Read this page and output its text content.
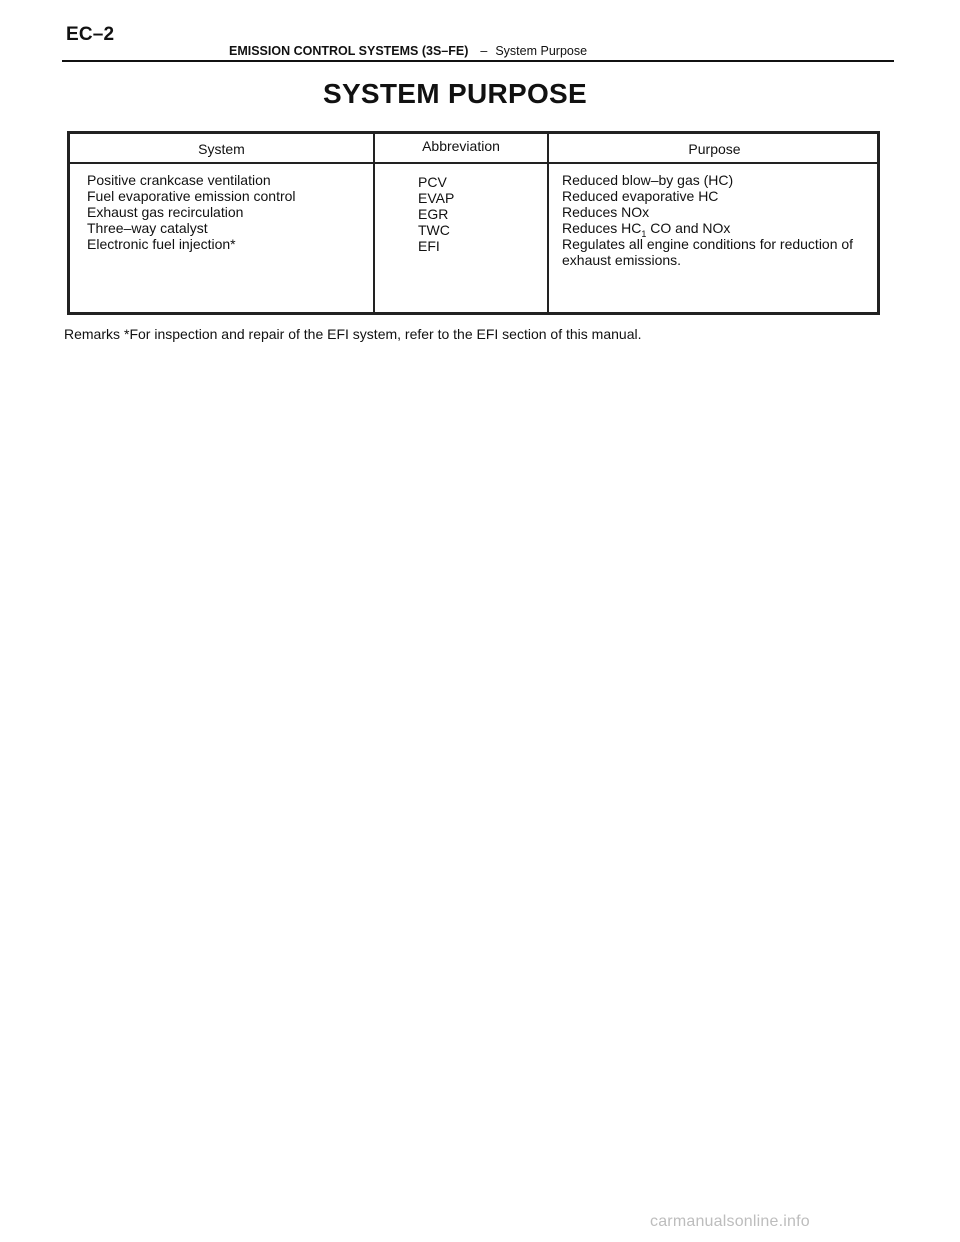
EC–2
EMISSION CONTROL SYSTEMS (3S–FE) – System Purpose
SYSTEM PURPOSE
System	Abbreviation	Purpose
Positive crankcase ventilation
Fuel evaporative emission control
Exhaust gas recirculation
Three–way catalyst
Electronic fuel injection*
PCV
EVAP
EGR
TWC
EFI
Reduced blow–by gas (HC)
Reduced evaporative HC
Reduces NOx
Reduces $HC_1$ CO and NOx
Regulates all engine conditions for reduction of exhaust emissions.
Remarks *For inspection and repair of the EFI system, refer to the EFI section of this manual.
carmanualsonline.info
